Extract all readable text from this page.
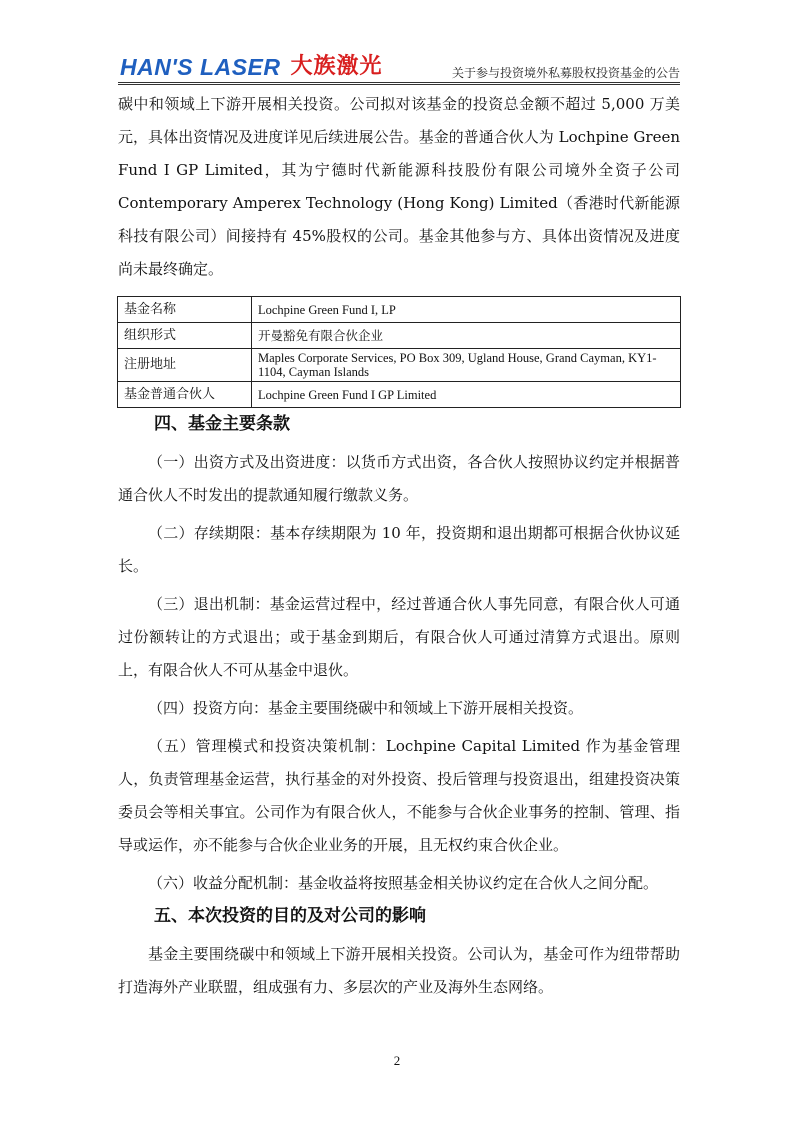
HAN'S LASER 大族激光	关于参与投资境外私募股权投资基金的公告

碳中和领域上下游开展相关投资。公司拟对该基金的投资总金额不超过 5,000 万美元，具体出资情况及进度详见后续进展公告。基金的普通合伙人为 Lochpine Green Fund I GP Limited，其为宁德时代新能源科技股份有限公司境外全资子公司 Contemporary Amperex Technology (Hong Kong) Limited（香港时代新能源科技有限公司）间接持有 45%股权的公司。基金其他参与方、具体出资情况及进度尚未最终确定。

基金名称	Lochpine Green Fund I, LP
组织形式	开曼豁免有限合伙企业
注册地址	Maples Corporate Services, PO Box 309, Ugland House, Grand Cayman, KY1-1104, Cayman Islands
基金普通合伙人	Lochpine Green Fund I GP Limited
四、基金主要条款

（一）出资方式及出资进度：以货币方式出资，各合伙人按照协议约定并根据普通合伙人不时发出的提款通知履行缴款义务。

（二）存续期限：基本存续期限为 10 年，投资期和退出期都可根据合伙协议延长。

（三）退出机制：基金运营过程中，经过普通合伙人事先同意，有限合伙人可通过份额转让的方式退出；或于基金到期后，有限合伙人可通过清算方式退出。原则上，有限合伙人不可从基金中退伙。

（四）投资方向：基金主要围绕碳中和领域上下游开展相关投资。

（五）管理模式和投资决策机制：Lochpine Capital Limited 作为基金管理人，负责管理基金运营，执行基金的对外投资、投后管理与投资退出，组建投资决策委员会等相关事宜。公司作为有限合伙人，不能参与合伙企业事务的控制、管理、指导或运作，亦不能参与合伙企业业务的开展，且无权约束合伙企业。

（六）收益分配机制：基金收益将按照基金相关协议约定在合伙人之间分配。

五、本次投资的目的及对公司的影响

基金主要围绕碳中和领域上下游开展相关投资。公司认为，基金可作为纽带帮助打造海外产业联盟，组成强有力、多层次的产业及海外生态网络。

2
